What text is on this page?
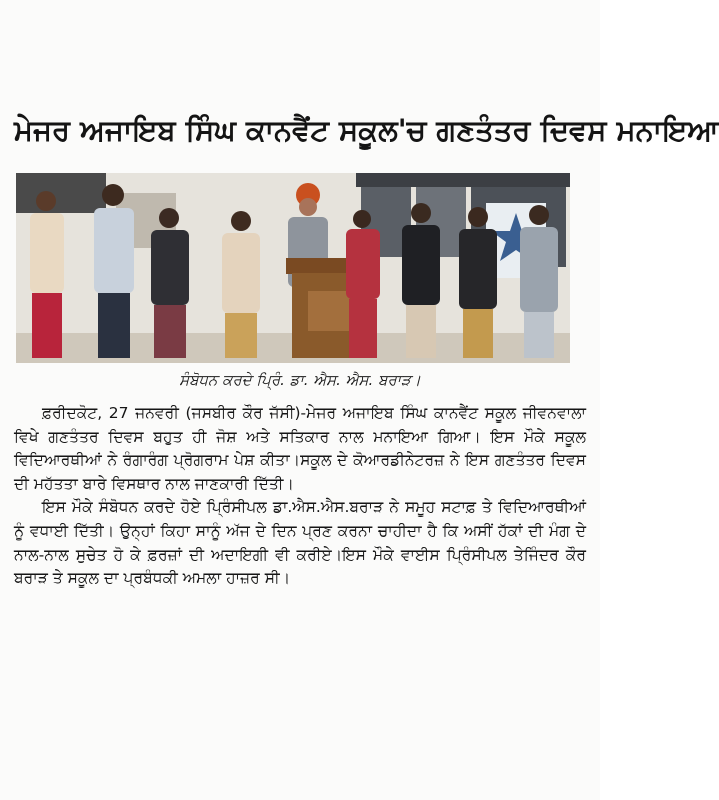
ਮੇਜਰ ਅਜਾਇਬ ਸਿੰਘ ਕਾਨਵੈਂਟ ਸਕੂਲ'ਚ ਗਣਤੰਤਰ ਦਿਵਸ ਮਨਾਇਆ
ਸੰਬੋਧਨ ਕਰਦੇ ਪ੍ਰਿੰ. ਡਾ. ਐਸ. ਐਸ. ਬਰਾੜ।

ਫ਼ਰੀਦਕੋਟ, 27 ਜਨਵਰੀ (ਜਸਬੀਰ ਕੌਰ ਜੱਸੀ)-ਮੇਜਰ ਅਜਾਇਬ ਸਿੰਘ ਕਾਨਵੈਂਟ ਸਕੂਲ ਜੀਵਨਵਾਲਾ ਵਿਖੇ ਗਣਤੰਤਰ ਦਿਵਸ ਬਹੁਤ ਹੀ ਜੋਸ਼ ਅਤੇ ਸਤਿਕਾਰ ਨਾਲ ਮਨਾਇਆ ਗਿਆ। ਇਸ ਮੌਕੇ ਸਕੂਲ ਵਿਦਿਆਰਥੀਆਂ ਨੇ ਰੰਗਾਰੰਗ ਪ੍ਰੋਗਰਾਮ ਪੇਸ਼ ਕੀਤਾ।ਸਕੂਲ ਦੇ ਕੋਆਰਡੀਨੇਟਰਜ਼ ਨੇ ਇਸ ਗਣਤੰਤਰ ਦਿਵਸ ਦੀ ਮਹੱਤਤਾ ਬਾਰੇ ਵਿਸਥਾਰ ਨਾਲ ਜਾਣਕਾਰੀ ਦਿੱਤੀ।

ਇਸ ਮੌਕੇ ਸੰਬੋਧਨ ਕਰਦੇ ਹੋਏ ਪ੍ਰਿੰਸੀਪਲ ਡਾ.ਐਸ.ਐਸ.ਬਰਾੜ ਨੇ ਸਮੂਹ ਸਟਾਫ਼ ਤੇ ਵਿਦਿਆਰਥੀਆਂ ਨੂੰ ਵਧਾਈ ਦਿੱਤੀ। ਉਨ੍ਹਾਂ ਕਿਹਾ ਸਾਨੂੰ ਅੱਜ ਦੇ ਦਿਨ ਪ੍ਰਣ ਕਰਨਾ ਚਾਹੀਦਾ ਹੈ ਕਿ ਅਸੀਂ ਹੱਕਾਂ ਦੀ ਮੰਗ ਦੇ ਨਾਲ-ਨਾਲ ਸੁਚੇਤ ਹੋ ਕੇ ਫ਼ਰਜ਼ਾਂ ਦੀ ਅਦਾਇਗੀ ਵੀ ਕਰੀਏ।ਇਸ ਮੌਕੇ ਵਾਈਸ ਪ੍ਰਿੰਸੀਪਲ ਤੇਜਿੰਦਰ ਕੌਰ ਬਰਾੜ ਤੇ ਸਕੂਲ ਦਾ ਪ੍ਰਬੰਧਕੀ ਅਮਲਾ ਹਾਜ਼ਰ ਸੀ।
